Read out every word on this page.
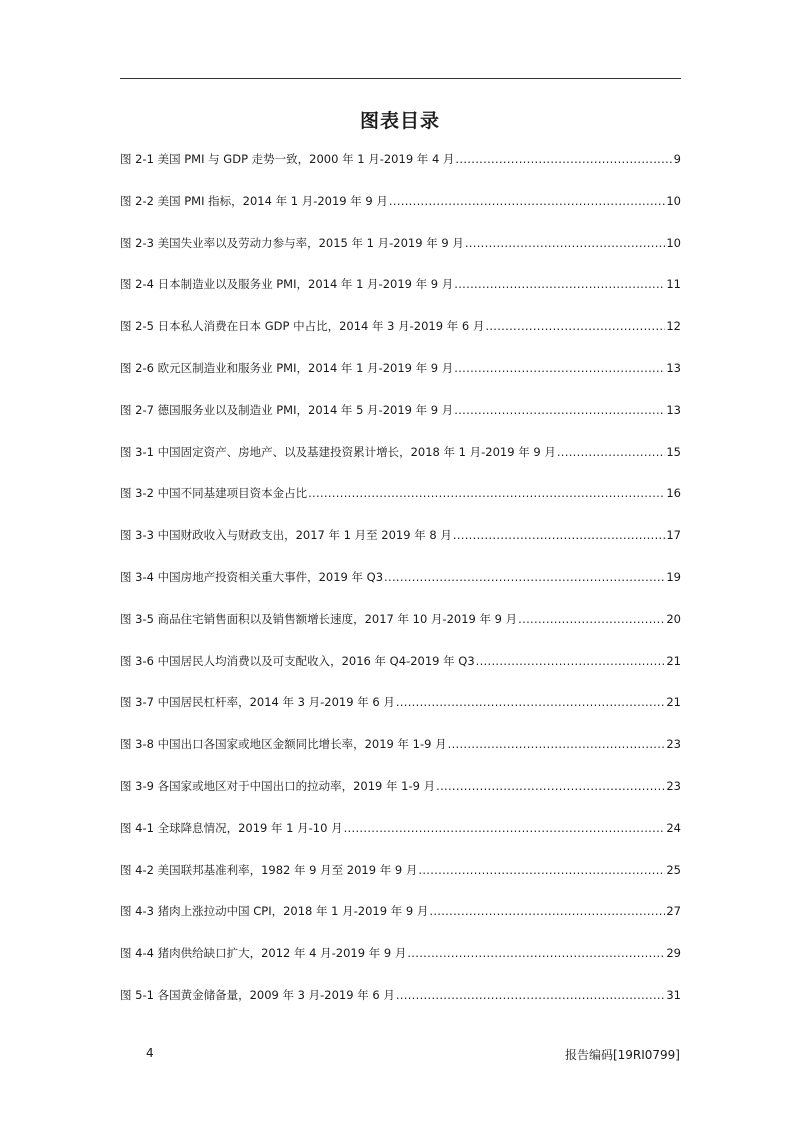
图表目录
图 2-1 美国 PMI 与 GDP 走势一致，2000 年 1 月-2019 年 4 月 .....	9
图 2-2 美国 PMI 指标，2014 年 1 月-2019 年 9 月 .....	10
图 2-3 美国失业率以及劳动力参与率，2015 年 1 月-2019 年 9 月 .....	10
图 2-4 日本制造业以及服务业 PMI，2014 年 1 月-2019 年 9 月 .....	11
图 2-5 日本私人消费在日本 GDP 中占比，2014 年 3 月-2019 年 6 月 .....	12
图 2-6 欧元区制造业和服务业 PMI，2014 年 1 月-2019 年 9 月 .....	13
图 2-7 德国服务业以及制造业 PMI，2014 年 5 月-2019 年 9 月 .....	13
图 3-1 中国固定资产、房地产、以及基建投资累计增长，2018 年 1 月-2019 年 9 月 .....	15
图 3-2 中国不同基建项目资本金占比 .....	16
图 3-3 中国财政收入与财政支出，2017 年 1 月至 2019 年 8 月 .....	17
图 3-4 中国房地产投资相关重大事件，2019 年 Q3 .....	19
图 3-5 商品住宅销售面积以及销售额增长速度，2017 年 10 月-2019 年 9 月 .....	20
图 3-6 中国居民人均消费以及可支配收入，2016 年 Q4-2019 年 Q3 .....	21
图 3-7 中国居民杠杆率，2014 年 3 月-2019 年 6 月 .....	21
图 3-8 中国出口各国家或地区金额同比增长率，2019 年 1-9 月 .....	23
图 3-9 各国家或地区对于中国出口的拉动率，2019 年 1-9 月 .....	23
图 4-1 全球降息情况，2019 年 1 月-10 月 .....	24
图 4-2 美国联邦基准利率，1982 年 9 月至 2019 年 9 月 .....	25
图 4-3 猪肉上涨拉动中国 CPI，2018 年 1 月-2019 年 9 月 .....	27
图 4-4 猪肉供给缺口扩大，2012 年 4 月-2019 年 9 月 .....	29
图 5-1 各国黄金储备量，2009 年 3 月-2019 年 6 月 .....	31
4	报告编码[19RI0799]
